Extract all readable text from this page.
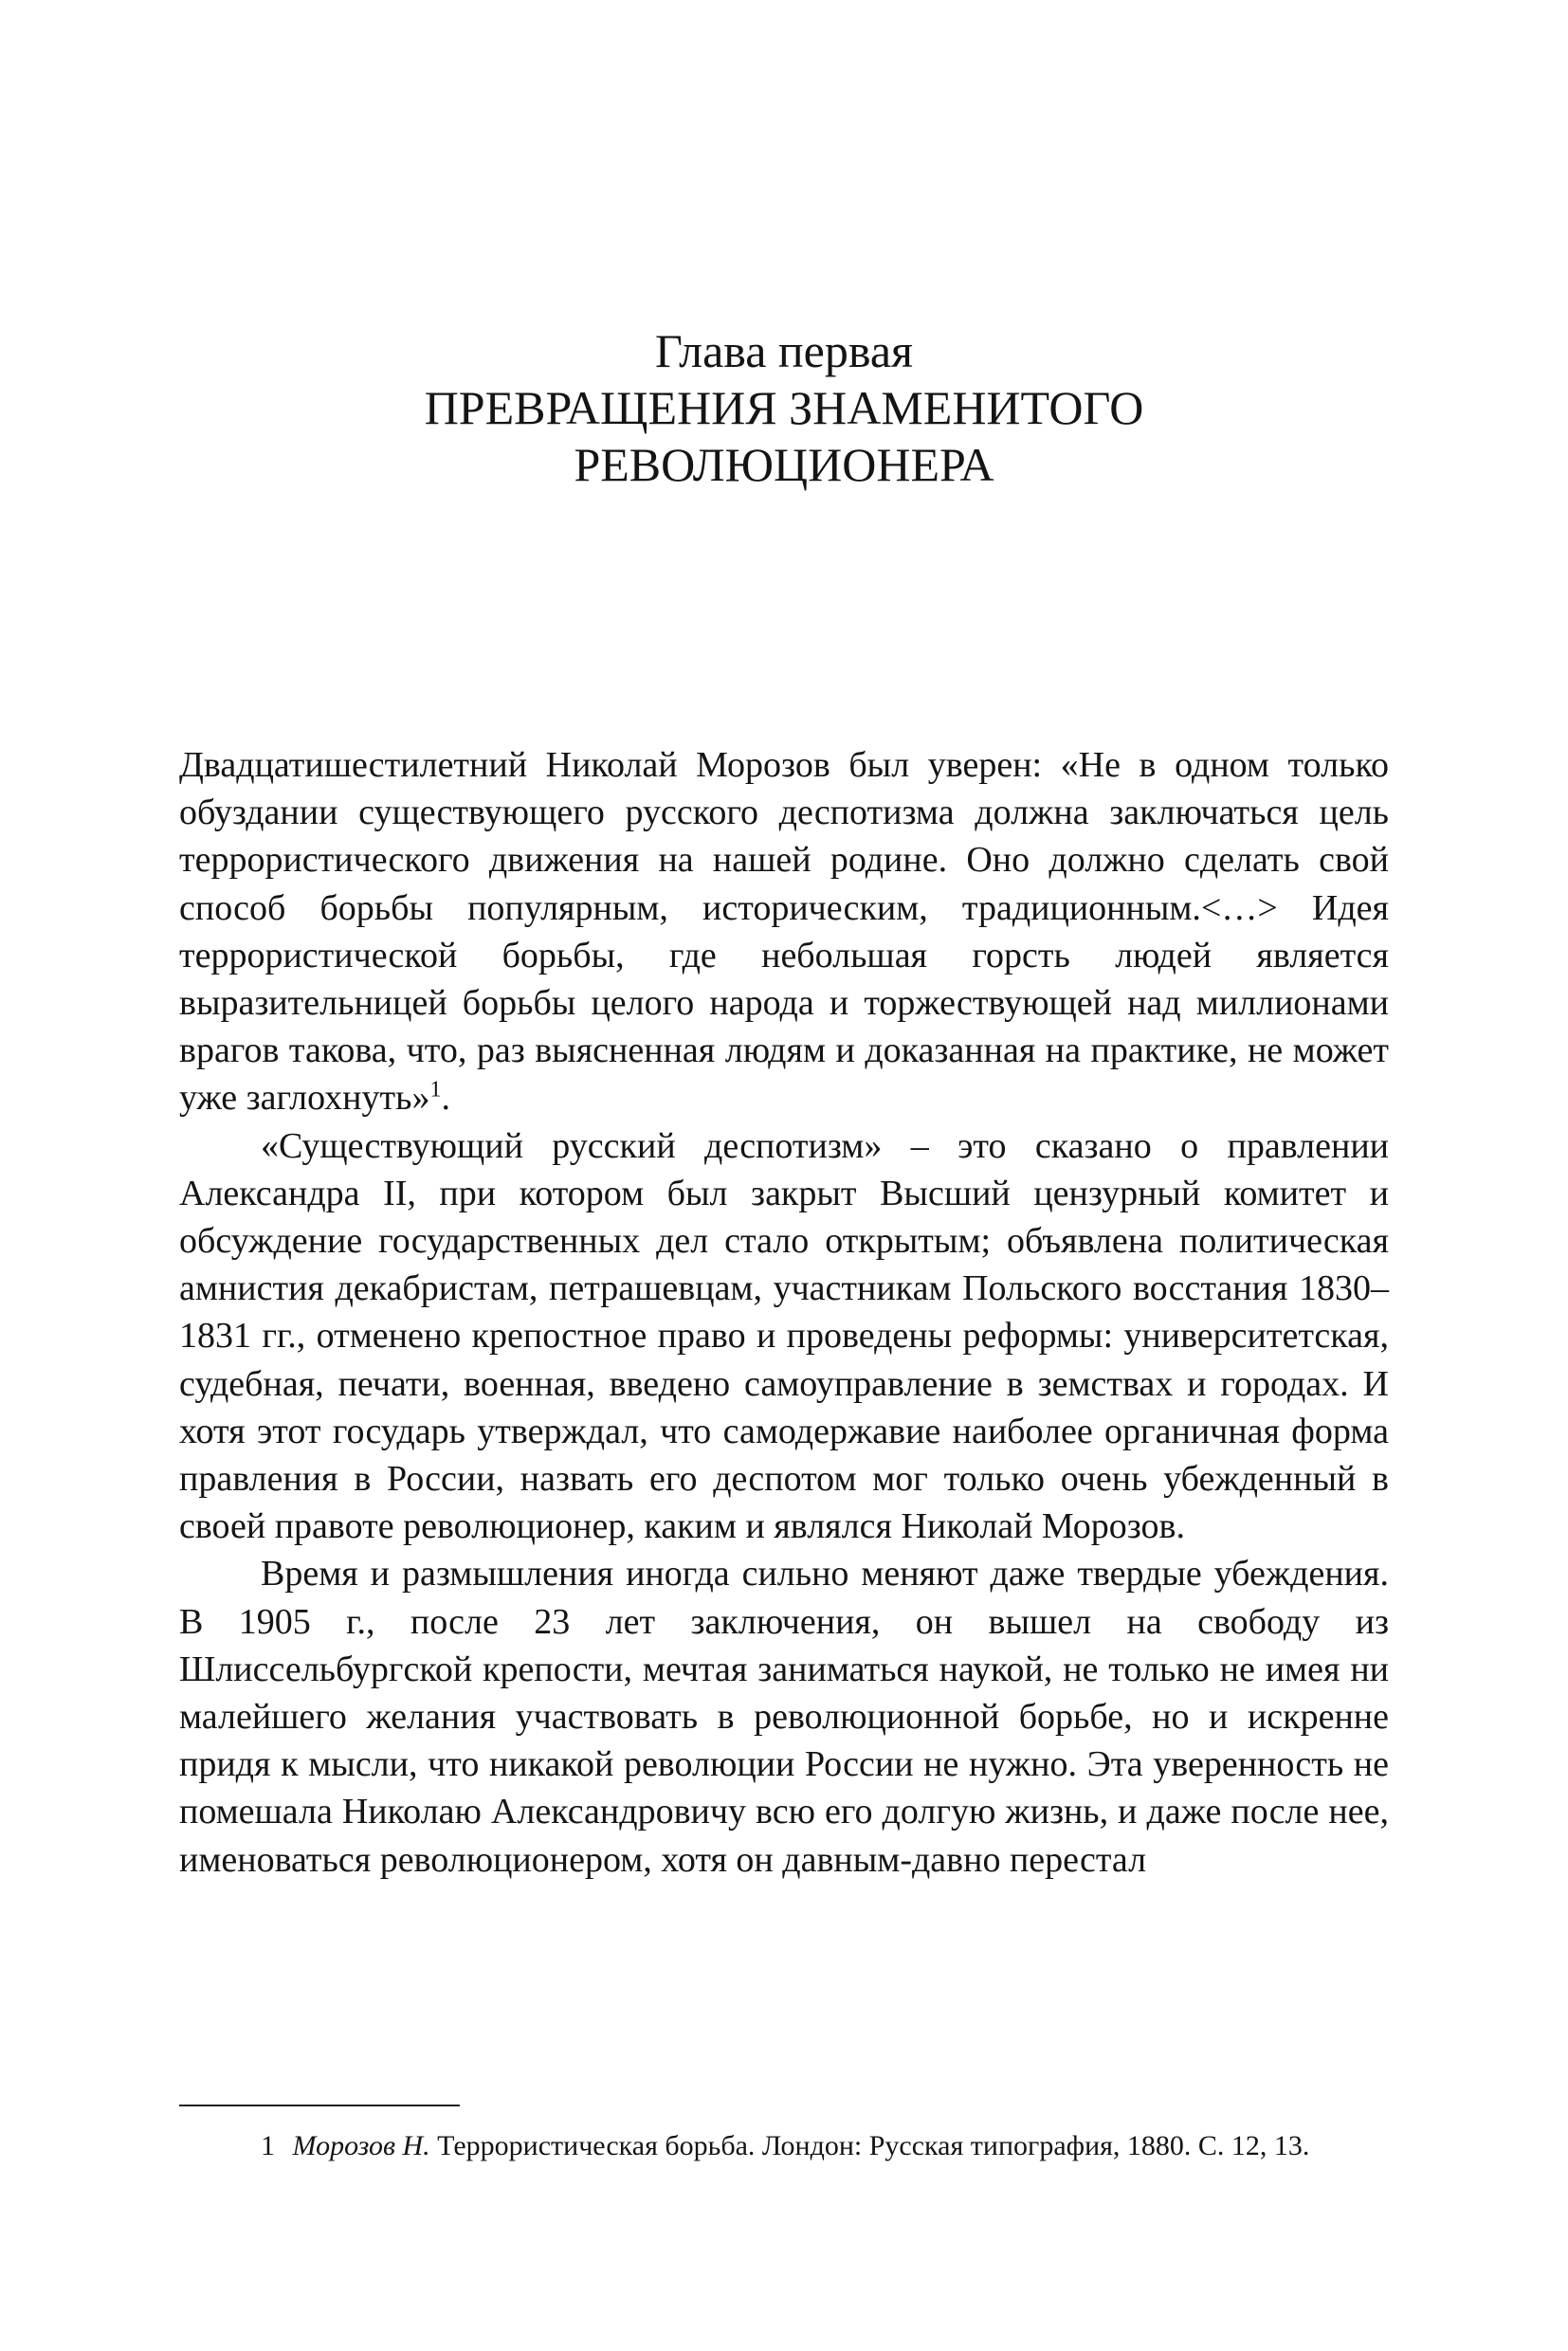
Глава первая
ПРЕВРАЩЕНИЯ ЗНАМЕНИТОГО
РЕВОЛЮЦИОНЕРА

Двадцатишестилетний Николай Морозов был уверен: «Не в одном только обуздании существующего русского деспотизма должна заключаться цель террористического движения на нашей родине. Оно должно сделать свой способ борьбы популярным, историческим, традиционным.<…> Идея террористической борьбы, где небольшая горсть людей является выразительницей борьбы целого народа и торжествующей над миллионами врагов такова, что, раз выясненная людям и доказанная на практике, не может уже заглохнуть»$^1$.

«Существующий русский деспотизм» – это сказано о правлении Александра II, при котором был закрыт Высший цензурный комитет и обсуждение государственных дел стало открытым; объявлена политическая амнистия декабристам, петрашевцам, участникам Польского восстания 1830–1831 гг., отменено крепостное право и проведены реформы: университетская, судебная, печати, военная, введено самоуправление в земствах и городах. И хотя этот государь утверждал, что самодержавие наиболее органичная форма правления в России, назвать его деспотом мог только очень убежденный в своей правоте революционер, каким и являлся Николай Морозов.

Время и размышления иногда сильно меняют даже твердые убеждения. В 1905 г., после 23 лет заключения, он вышел на свободу из Шлиссельбургской крепости, мечтая заниматься наукой, не только не имея ни малейшего желания участвовать в революционной борьбе, но и искренне придя к мысли, что никакой революции России не нужно. Эта уверенность не помешала Николаю Александровичу всю его долгую жизнь, и даже после нее, именоваться революционером, хотя он давным-давно перестал

1 Морозов Н. Террористическая борьба. Лондон: Русская типография, 1880. С. 12, 13.
